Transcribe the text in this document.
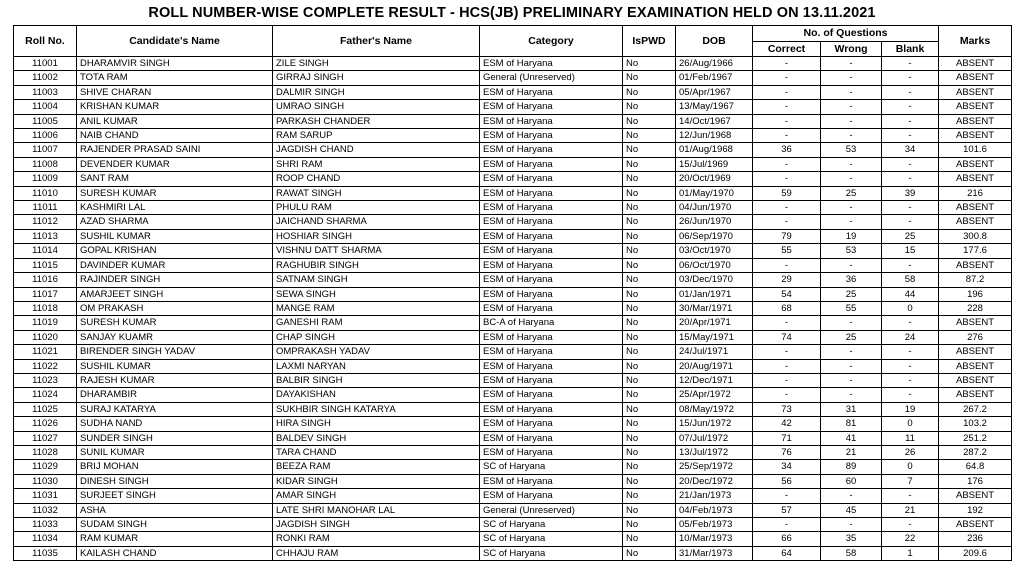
ROLL NUMBER-WISE COMPLETE RESULT - HCS(JB) PRELIMINARY EXAMINATION HELD ON 13.11.2021
Roll No.	Candidate's Name	Father's Name	Category	IsPWD	DOB	No. of Questions			Marks
						Correct	Wrong	Blank	
11001	DHARAMVIR SINGH	ZILE SINGH	ESM of Haryana	No	26/Aug/1966	-	-	-	ABSENT
11002	TOTA RAM	GIRRAJ SINGH	General (Unreserved)	No	01/Feb/1967	-	-	-	ABSENT
11003	SHIVE CHARAN	DALMIR SINGH	ESM of Haryana	No	05/Apr/1967	-	-	-	ABSENT
11004	KRISHAN KUMAR	UMRAO SINGH	ESM of Haryana	No	13/May/1967	-	-	-	ABSENT
11005	ANIL KUMAR	PARKASH CHANDER	ESM of Haryana	No	14/Oct/1967	-	-	-	ABSENT
11006	NAIB CHAND	RAM SARUP	ESM of Haryana	No	12/Jun/1968	-	-	-	ABSENT
11007	RAJENDER PRASAD SAINI	JAGDISH CHAND	ESM of Haryana	No	01/Aug/1968	36	53	34	101.6
11008	DEVENDER KUMAR	SHRI RAM	ESM of Haryana	No	15/Jul/1969	-	-	-	ABSENT
11009	SANT RAM	ROOP CHAND	ESM of Haryana	No	20/Oct/1969	-	-	-	ABSENT
11010	SURESH KUMAR	RAWAT SINGH	ESM of Haryana	No	01/May/1970	59	25	39	216
11011	KASHMIRI LAL	PHULU RAM	ESM of Haryana	No	04/Jun/1970	-	-	-	ABSENT
11012	AZAD SHARMA	JAICHAND SHARMA	ESM of Haryana	No	26/Jun/1970	-	-	-	ABSENT
11013	SUSHIL KUMAR	HOSHIAR SINGH	ESM of Haryana	No	06/Sep/1970	79	19	25	300.8
11014	GOPAL KRISHAN	VISHNU DATT SHARMA	ESM of Haryana	No	03/Oct/1970	55	53	15	177.6
11015	DAVINDER KUMAR	RAGHUBIR SINGH	ESM of Haryana	No	06/Oct/1970	-	-	-	ABSENT
11016	RAJINDER SINGH	SATNAM SINGH	ESM of Haryana	No	03/Dec/1970	29	36	58	87.2
11017	AMARJEET SINGH	SEWA SINGH	ESM of Haryana	No	01/Jan/1971	54	25	44	196
11018	OM PRAKASH	MANGE RAM	ESM of Haryana	No	30/Mar/1971	68	55	0	228
11019	SURESH KUMAR	GANESHI RAM	BC-A of Haryana	No	20/Apr/1971	-	-	-	ABSENT
11020	SANJAY KUAMR	CHAP SINGH	ESM of Haryana	No	15/May/1971	74	25	24	276
11021	BIRENDER SINGH YADAV	OMPRAKASH YADAV	ESM of Haryana	No	24/Jul/1971	-	-	-	ABSENT
11022	SUSHIL KUMAR	LAXMI NARYAN	ESM of Haryana	No	20/Aug/1971	-	-	-	ABSENT
11023	RAJESH KUMAR	BALBIR SINGH	ESM of Haryana	No	12/Dec/1971	-	-	-	ABSENT
11024	DHARAMBIR	DAYAKISHAN	ESM of Haryana	No	25/Apr/1972	-	-	-	ABSENT
11025	SURAJ KATARYA	SUKHBIR SINGH KATARYA	ESM of Haryana	No	08/May/1972	73	31	19	267.2
11026	SUDHA NAND	HIRA SINGH	ESM of Haryana	No	15/Jun/1972	42	81	0	103.2
11027	SUNDER SINGH	BALDEV SINGH	ESM of Haryana	No	07/Jul/1972	71	41	11	251.2
11028	SUNIL KUMAR	TARA CHAND	ESM of Haryana	No	13/Jul/1972	76	21	26	287.2
11029	BRIJ MOHAN	BEEZA RAM	SC of Haryana	No	25/Sep/1972	34	89	0	64.8
11030	DINESH SINGH	KIDAR SINGH	ESM of Haryana	No	20/Dec/1972	56	60	7	176
11031	SURJEET SINGH	AMAR SINGH	ESM of Haryana	No	21/Jan/1973	-	-	-	ABSENT
11032	ASHA	LATE SHRI MANOHAR LAL	General (Unreserved)	No	04/Feb/1973	57	45	21	192
11033	SUDAM SINGH	JAGDISH SINGH	SC of Haryana	No	05/Feb/1973	-	-	-	ABSENT
11034	RAM KUMAR	RONKI RAM	SC of Haryana	No	10/Mar/1973	66	35	22	236
11035	KAILASH CHAND	CHHAJU RAM	SC of Haryana	No	31/Mar/1973	64	58	1	209.6
